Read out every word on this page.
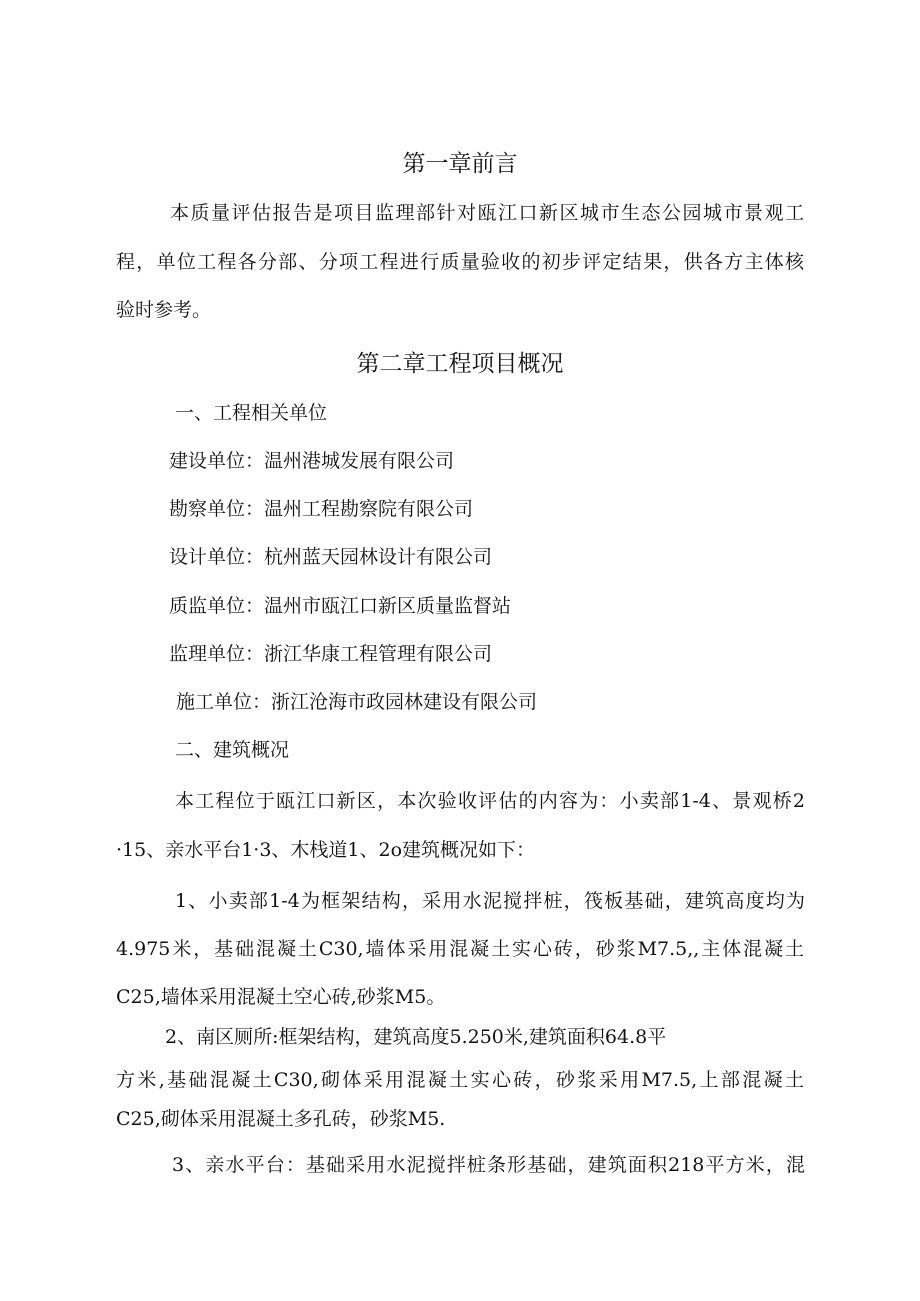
第一章前言
本质量评估报告是项目监理部针对瓯江口新区城市生态公园城市景观工
程，单位工程各分部、分项工程进行质量验收的初步评定结果，供各方主体核
验时参考。
第二章工程项目概况
一、工程相关单位
建设单位：温州港城发展有限公司
勘察单位：温州工程勘察院有限公司
设计单位：杭州蓝天园林设计有限公司
质监单位：温州市瓯江口新区质量监督站
监理单位：浙江华康工程管理有限公司
施工单位：浙江沧海市政园林建设有限公司
二、建筑概况
本工程位于瓯江口新区，本次验收评估的内容为：小卖部1-4、景观桥2
·15、亲水平台1·3、木栈道1、2o建筑概况如下：
1、小卖部1-4为框架结构，采用水泥搅拌桩，筏板基础，建筑高度均为
4.975米，基础混凝土C30,墙体采用混凝土实心砖，砂浆M7.5,,主体混凝土
C25,墙体采用混凝土空心砖,砂浆M5。
2、南区厕所:框架结构，建筑高度5.250米,建筑面积64.8平
方米,基础混凝土C30,砌体采用混凝土实心砖，砂浆采用M7.5,上部混凝土
C25,砌体采用混凝土多孔砖，砂浆M5.
3、亲水平台：基础采用水泥搅拌桩条形基础，建筑面积218平方米，混
